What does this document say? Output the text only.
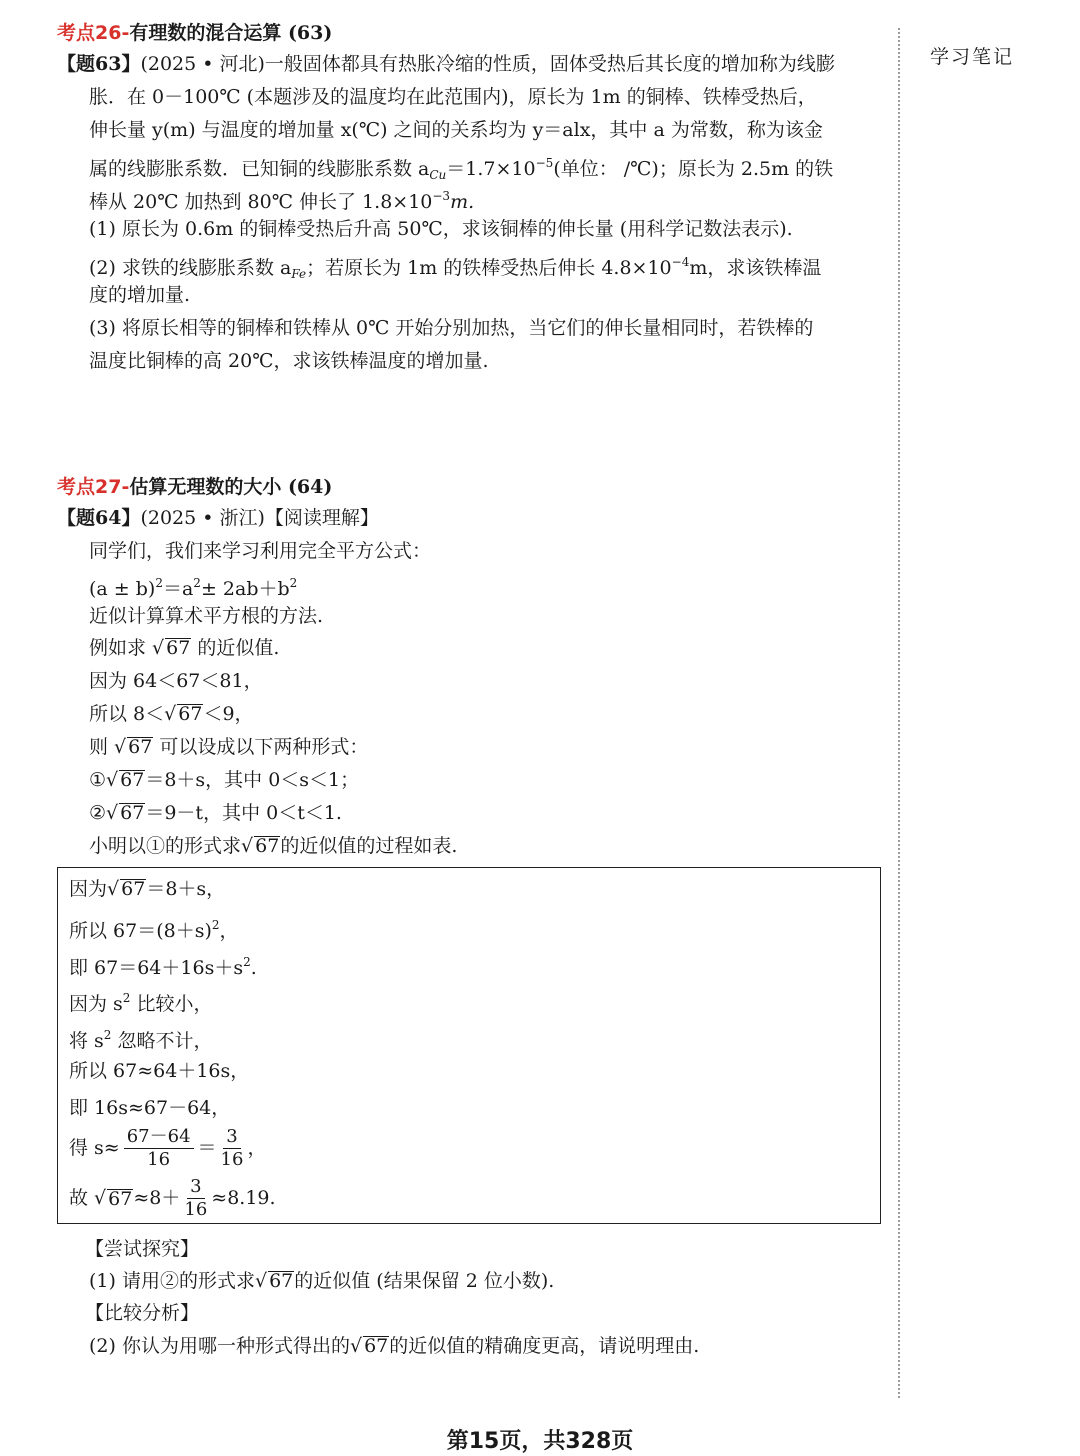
学习笔记
考点26-有理数的混合运算 (63)
【题63】(2025 • 河北)一般固体都具有热胀冷缩的性质，固体受热后其长度的增加称为线膨
胀．在 0－100℃ (本题涉及的温度均在此范围内)，原长为 1m 的铜棒、铁棒受热后，
伸长量 y(m) 与温度的增加量 x(℃) 之间的关系均为 y＝alx，其中 a 为常数，称为该金
属的线膨胀系数．已知铜的线膨胀系数 $a_{Cu}=1.7\times 10^{-5}$(单位： /℃)；原长为 2.5m 的铁
棒从 20℃ 加热到 80℃ 伸长了 $1.8\times 10^{-3}m$.
(1) 原长为 0.6m 的铜棒受热后升高 50℃，求该铜棒的伸长量 (用科学记数法表示).
(2) 求铁的线膨胀系数 $a_{Fe}$；若原长为 1m 的铁棒受热后伸长 $4.8\times 10^{-4}m$，求该铁棒温
度的增加量.
(3) 将原长相等的铜棒和铁棒从 0℃ 开始分别加热，当它们的伸长量相同时，若铁棒的
温度比铜棒的高 20℃，求该铁棒温度的增加量.
考点27-估算无理数的大小 (64)
【题64】(2025 • 浙江)【阅读理解】
同学们，我们来学习利用完全平方公式：
$(a \pm b)^2=a^2\pm 2ab+b^2$
近似计算算术平方根的方法.
例如求 √ 67 的近似值.
因为 64＜67＜81，
所以 8＜√ 67＜9，
则 √ 67 可以设成以下两种形式：
①√ 67＝8＋s，其中 0＜s＜1；
②√ 67＝9－t，其中 0＜t＜1.
小明以①的形式求√ 67的近似值的过程如表.
因为√ 67＝8＋s，
所以 $67=(8+s)^2$，
即 $67=64+16s+s^2$.
因为 $s^2$ 比较小，
将 $s^2$ 忽略不计，
所以 67≈64＋16s，
即 16s≈67－64，
得 $s\approx \frac{67-64}{16} = \frac{3}{16}$ ，
故 √ $67 \approx 8+ \frac{3}{16} \approx 8.19$.
【尝试探究】
(1) 请用②的形式求√ 67的近似值 (结果保留 2 位小数).
【比较分析】
(2) 你认为用哪一种形式得出的√ 67的近似值的精确度更高，请说明理由.
第15页，共328页
